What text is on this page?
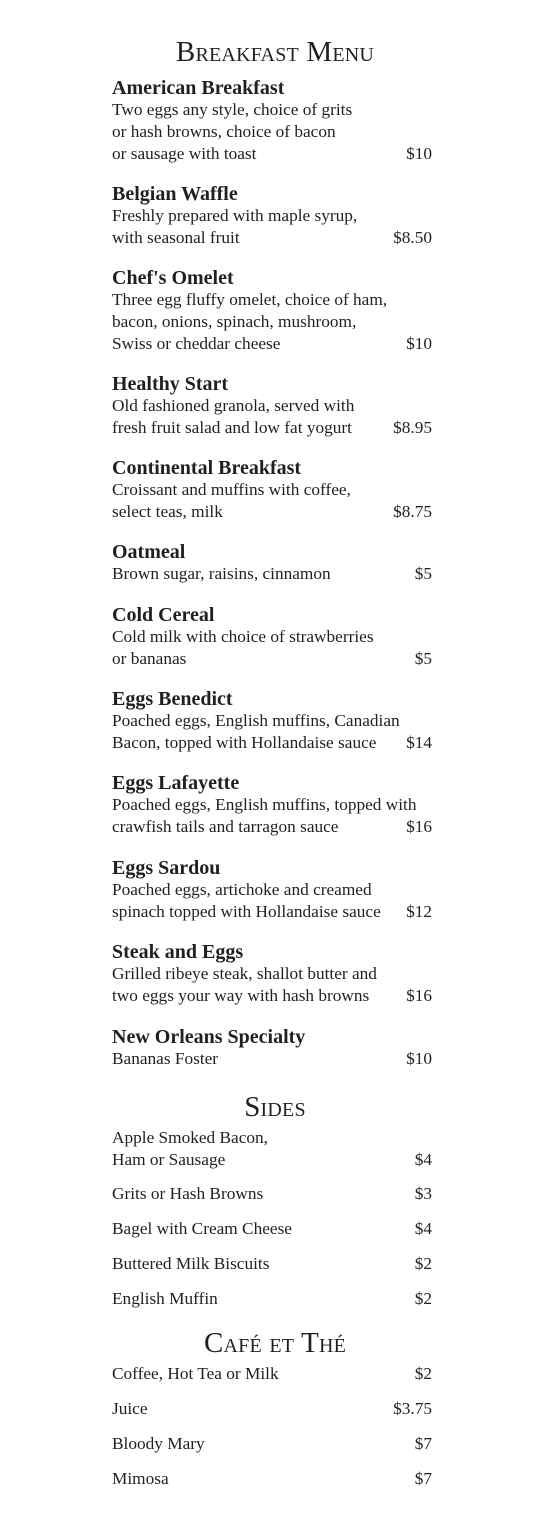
Breakfast Menu
American Breakfast
Two eggs any style, choice of grits
or hash browns, choice of bacon
or sausage with toast	$10
Belgian Waffle
Freshly prepared with maple syrup,
with seasonal fruit	$8.50
Chef's Omelet
Three egg fluffy omelet, choice of ham,
bacon, onions, spinach, mushroom,
Swiss or cheddar cheese	$10
Healthy Start
Old fashioned granola, served with
fresh fruit salad and low fat yogurt	$8.95
Continental Breakfast
Croissant and muffins with coffee,
select teas, milk	$8.75
Oatmeal
Brown sugar, raisins, cinnamon	$5
Cold Cereal
Cold milk with choice of strawberries
or bananas	$5
Eggs Benedict
Poached eggs, English muffins, Canadian
Bacon, topped with Hollandaise sauce	$14
Eggs Lafayette
Poached eggs, English muffins, topped with
crawfish tails and tarragon sauce	$16
Eggs Sardou
Poached eggs, artichoke and creamed
spinach topped with Hollandaise sauce	$12
Steak and Eggs
Grilled ribeye steak, shallot butter and
two eggs your way with hash browns	$16
New Orleans Specialty
Bananas Foster	$10
Sides
Apple Smoked Bacon,
Ham or Sausage	$4
Grits or Hash Browns	$3
Bagel with Cream Cheese	$4
Buttered Milk Biscuits	$2
English Muffin	$2
Café et Thé
Coffee, Hot Tea or Milk	$2
Juice	$3.75
Bloody Mary	$7
Mimosa	$7
